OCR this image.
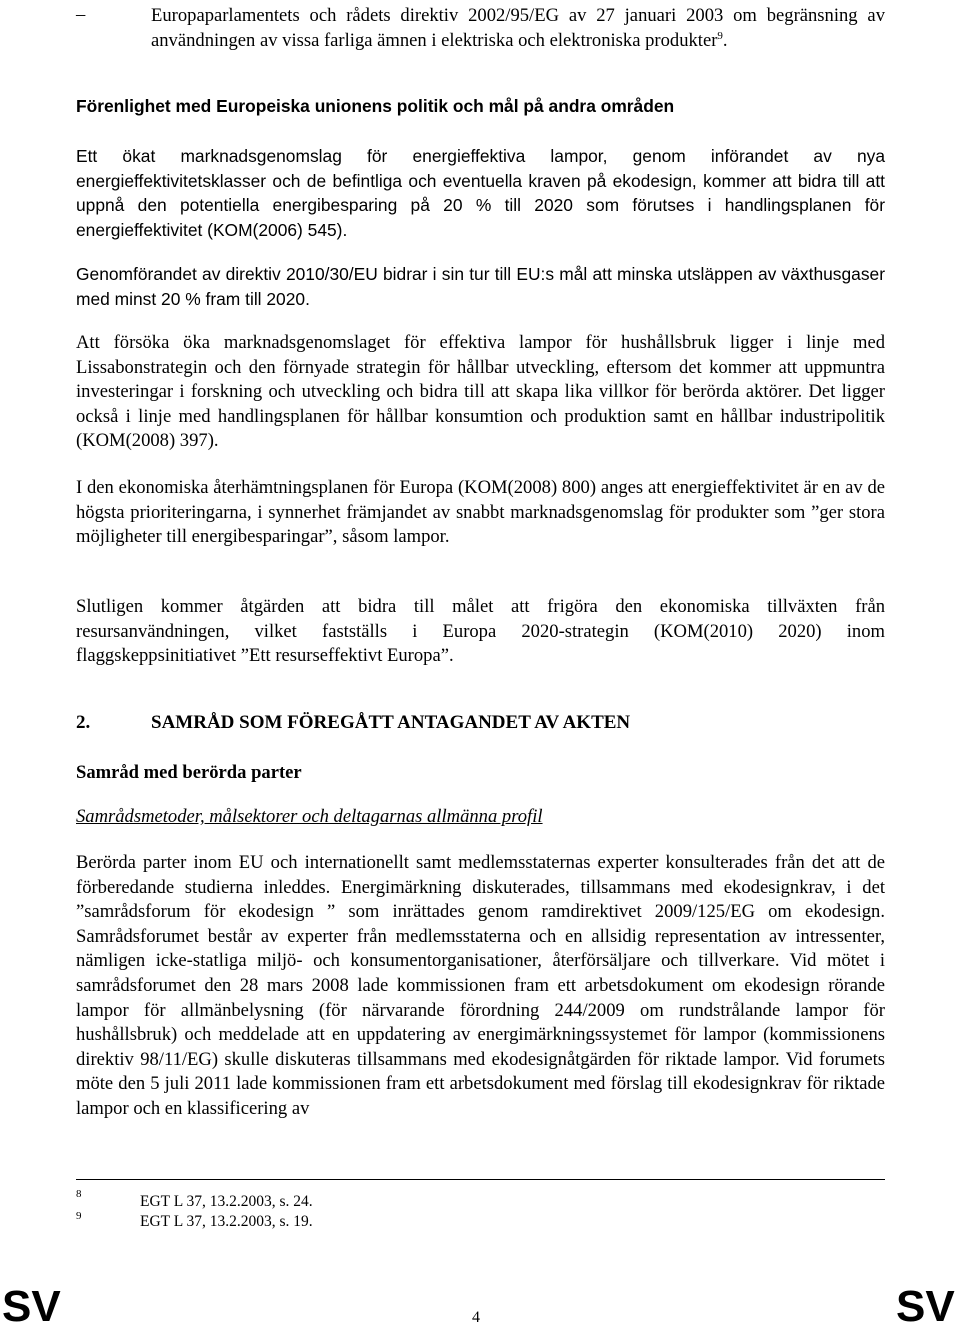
–	Europaparlamentets och rådets direktiv 2002/95/EG av 27 januari 2003 om begränsning av användningen av vissa farliga ämnen i elektriska och elektroniska produkter$^9$.

Förenlighet med Europeiska unionens politik och mål på andra områden

Ett ökat marknadsgenomslag för energieffektiva lampor, genom införandet av nya energieffektivitetsklasser och de befintliga och eventuella kraven på ekodesign, kommer att bidra till att uppnå den potentiella energibesparing på 20 % till 2020 som förutses i handlingsplanen för energieffektivitet (KOM(2006) 545).

Genomförandet av direktiv 2010/30/EU bidrar i sin tur till EU:s mål att minska utsläppen av växthusgaser med minst 20 % fram till 2020.

Att försöka öka marknadsgenomslaget för effektiva lampor för hushållsbruk ligger i linje med Lissabonstrategin och den förnyade strategin för hållbar utveckling, eftersom det kommer att uppmuntra investeringar i forskning och utveckling och bidra till att skapa lika villkor för berörda aktörer. Det ligger också i linje med handlingsplanen för hållbar konsumtion och produktion samt en hållbar industripolitik (KOM(2008) 397).

I den ekonomiska återhämtningsplanen för Europa (KOM(2008) 800) anges att energieffektivitet är en av de högsta prioriteringarna, i synnerhet främjandet av snabbt marknadsgenomslag för produkter som ”ger stora möjligheter till energibesparingar”, såsom lampor.

Slutligen kommer åtgärden att bidra till målet att frigöra den ekonomiska tillväxten från resursanvändningen, vilket fastställs i Europa 2020-strategin (KOM(2010) 2020) inom flaggskeppsinitiativet ”Ett resurseffektivt Europa”.

2.	SAMRÅD SOM FÖREGÅTT ANTAGANDET AV AKTEN

Samråd med berörda parter

Samrådsmetoder, målsektorer och deltagarnas allmänna profil

Berörda parter inom EU och internationellt samt medlemsstaternas experter konsulterades från det att de förberedande studierna inleddes. Energimärkning diskuterades, tillsammans med ekodesignkrav, i det ”samrådsforum för ekodesign ” som inrättades genom ramdirektivet 2009/125/EG om ekodesign. Samrådsforumet består av experter från medlemsstaterna och en allsidig representation av intressenter, nämligen icke-statliga miljö- och konsumentorganisationer, återförsäljare och tillverkare. Vid mötet i samrådsforumet den 28 mars 2008 lade kommissionen fram ett arbetsdokument om ekodesign rörande lampor för allmänbelysning (för närvarande förordning 244/2009 om rundstrålande lampor för hushållsbruk) och meddelade att en uppdatering av energimärkningssystemet för lampor (kommissionens direktiv 98/11/EG) skulle diskuteras tillsammans med ekodesignåtgärden för riktade lampor. Vid forumets möte den 5 juli 2011 lade kommissionen fram ett arbetsdokument med förslag till ekodesignkrav för riktade lampor och en klassificering av

8	EGT L 37, 13.2.2003, s. 24.
9	EGT L 37, 13.2.2003, s. 19.
SV	4	SV
